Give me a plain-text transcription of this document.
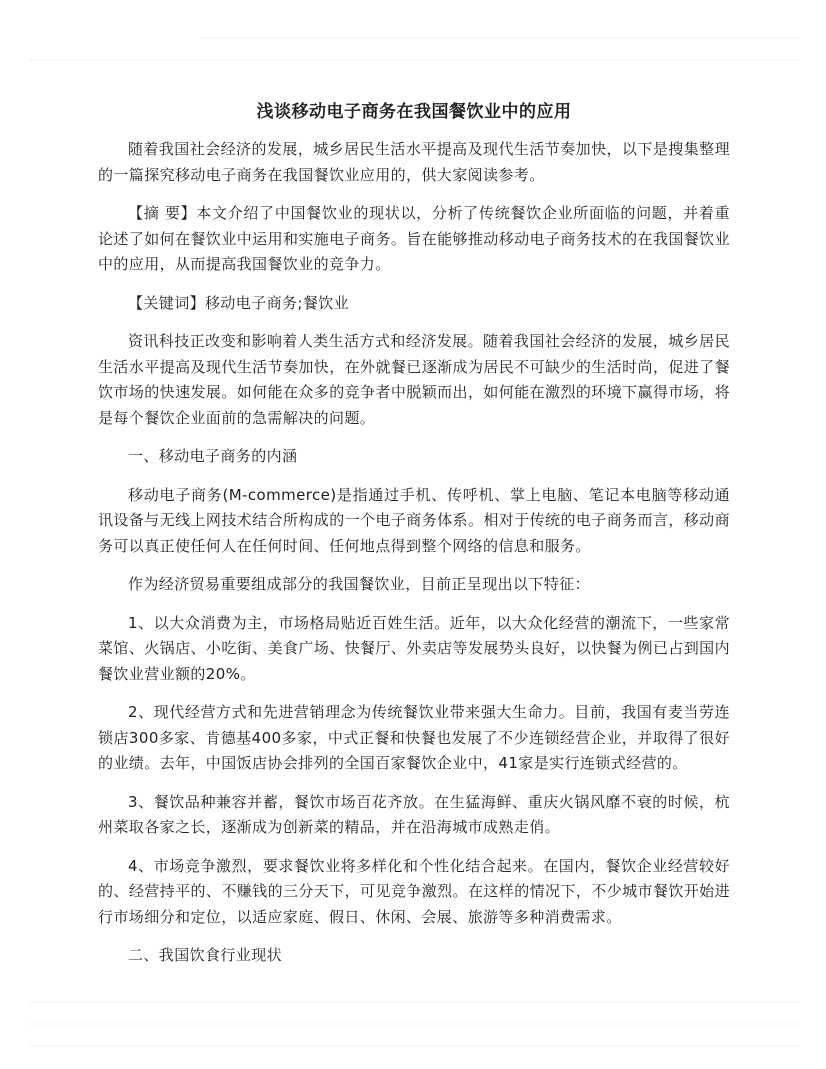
浅谈移动电子商务在我国餐饮业中的应用

随着我国社会经济的发展，城乡居民生活水平提高及现代生活节奏加快，以下是搜集整理的一篇探究移动电子商务在我国餐饮业应用的，供大家阅读参考。

【摘 要】本文介绍了中国餐饮业的现状以，分析了传统餐饮企业所面临的问题，并着重论述了如何在餐饮业中运用和实施电子商务。旨在能够推动移动电子商务技术的在我国餐饮业中的应用，从而提高我国餐饮业的竞争力。

【关键词】移动电子商务;餐饮业

资讯科技正改变和影响着人类生活方式和经济发展。随着我国社会经济的发展，城乡居民生活水平提高及现代生活节奏加快，在外就餐已逐渐成为居民不可缺少的生活时尚，促进了餐饮市场的快速发展。如何能在众多的竞争者中脱颖而出，如何能在激烈的环境下赢得市场，将是每个餐饮企业面前的急需解决的问题。

一、移动电子商务的内涵

移动电子商务(M-commerce)是指通过手机、传呼机、掌上电脑、笔记本电脑等移动通讯设备与无线上网技术结合所构成的一个电子商务体系。相对于传统的电子商务而言，移动商务可以真正使任何人在任何时间、任何地点得到整个网络的信息和服务。

作为经济贸易重要组成部分的我国餐饮业，目前正呈现出以下特征：

1、以大众消费为主，市场格局贴近百姓生活。近年，以大众化经营的潮流下，一些家常菜馆、火锅店、小吃街、美食广场、快餐厅、外卖店等发展势头良好，以快餐为例已占到国内餐饮业营业额的20%。

2、现代经营方式和先进营销理念为传统餐饮业带来强大生命力。目前，我国有麦当劳连锁店300多家、肯德基400多家，中式正餐和快餐也发展了不少连锁经营企业，并取得了很好的业绩。去年，中国饭店协会排列的全国百家餐饮企业中，41家是实行连锁式经营的。

3、餐饮品种兼容并蓄，餐饮市场百花齐放。在生猛海鲜、重庆火锅风靡不衰的时候，杭州菜取各家之长，逐渐成为创新菜的精品，并在沿海城市成熟走俏。

4、市场竞争激烈，要求餐饮业将多样化和个性化结合起来。在国内，餐饮企业经营较好的、经营持平的、不赚钱的三分天下，可见竞争激烈。在这样的情况下，不少城市餐饮开始进行市场细分和定位，以适应家庭、假日、休闲、会展、旅游等多种消费需求。

二、我国饮食行业现状
